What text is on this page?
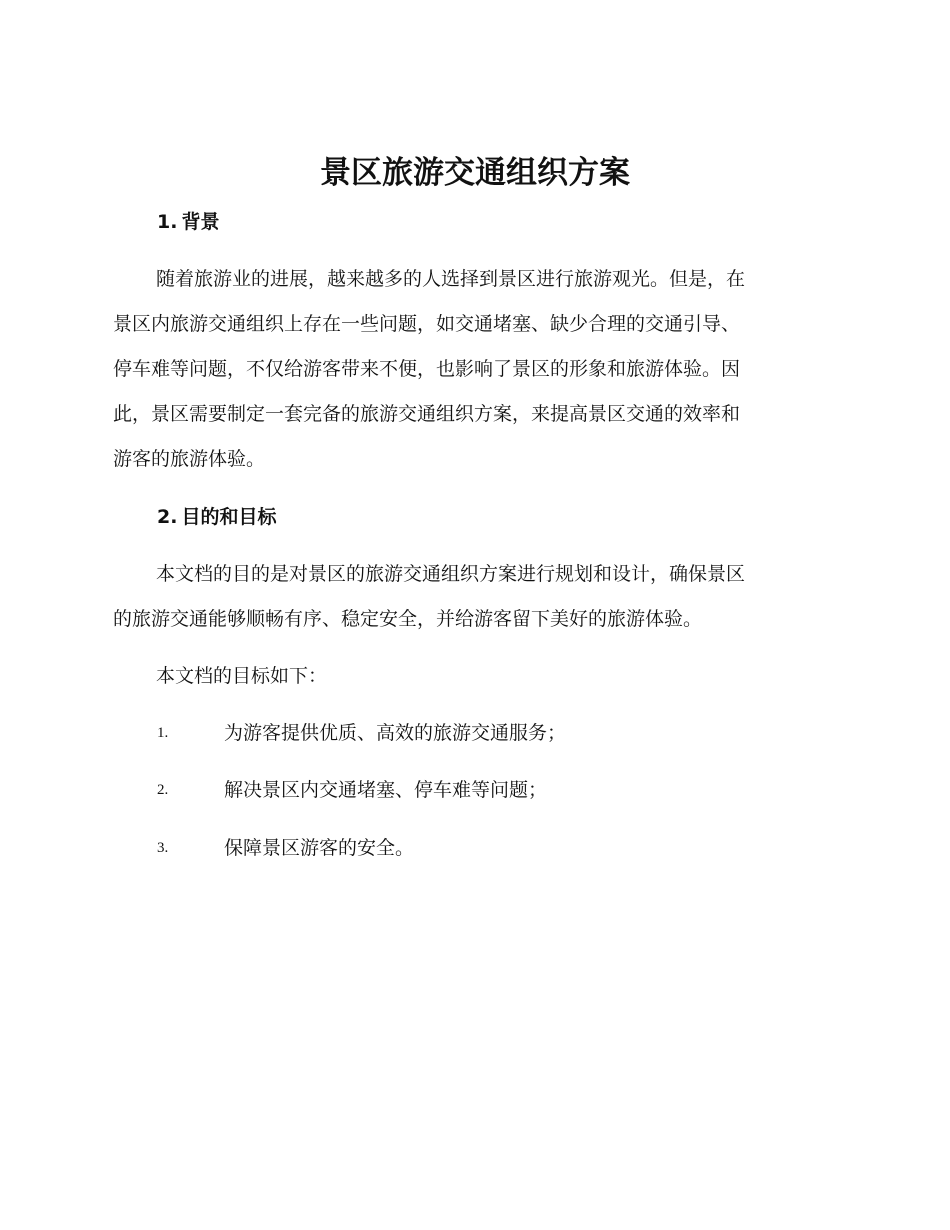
景区旅游交通组织方案
1. 背景
随着旅游业的进展，越来越多的人选择到景区进行旅游观光。但是，在
景区内旅游交通组织上存在一些问题，如交通堵塞、缺少合理的交通引导、
停车难等问题，不仅给游客带来不便，也影响了景区的形象和旅游体验。因
此，景区需要制定一套完备的旅游交通组织方案，来提高景区交通的效率和
游客的旅游体验。
2. 目的和目标
本文档的目的是对景区的旅游交通组织方案进行规划和设计，确保景区
的旅游交通能够顺畅有序、稳定安全，并给游客留下美好的旅游体验。
本文档的目标如下：
1.	为游客提供优质、高效的旅游交通服务；
2.	解决景区内交通堵塞、停车难等问题；
3.	保障景区游客的安全。
